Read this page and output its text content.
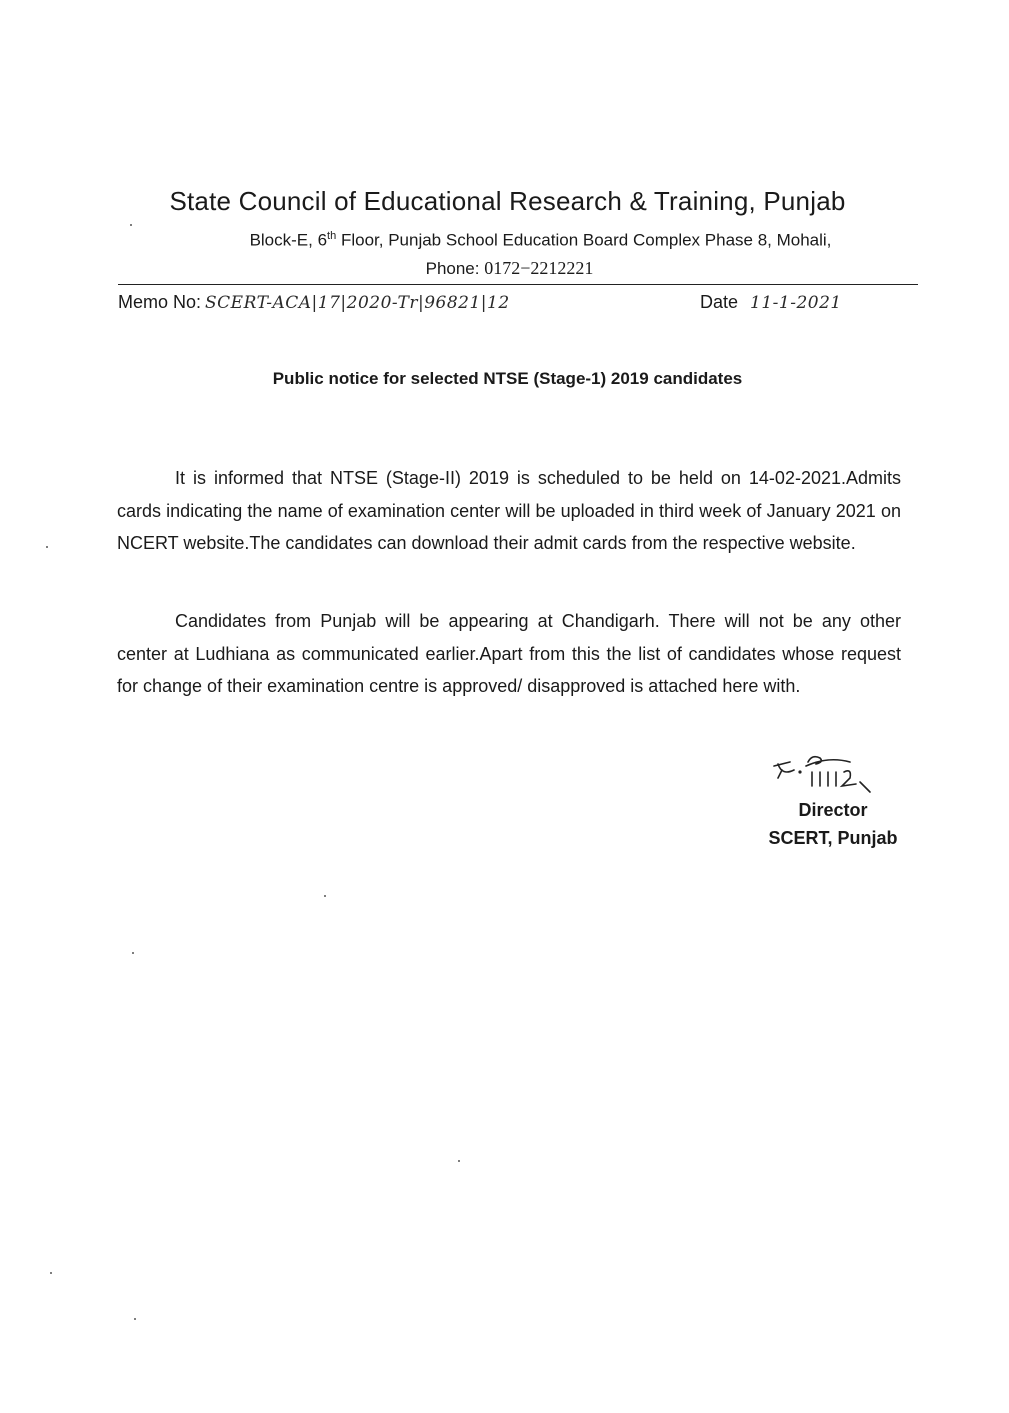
State Council of Educational Research & Training, Punjab
Block-E, 6th Floor, Punjab School Education Board Complex Phase 8, Mohali,
Phone: 0172−2212221
Memo No: SCERT-ACA|17|2020-Tr|96821|12	Date 11-1-2021
Public notice for selected NTSE (Stage-1) 2019 candidates

It is informed that NTSE (Stage-II) 2019 is scheduled to be held on 14-02-2021.Admits cards indicating the name of examination center will be uploaded in third week of January 2021 on NCERT website.The candidates can download their admit cards from the respective website.

Candidates from Punjab will be appearing at Chandigarh. There will not be any other center at Ludhiana as communicated earlier.Apart from this the list of candidates whose request for change of their examination centre is approved/ disapproved is attached here with.

Director
SCERT, Punjab
